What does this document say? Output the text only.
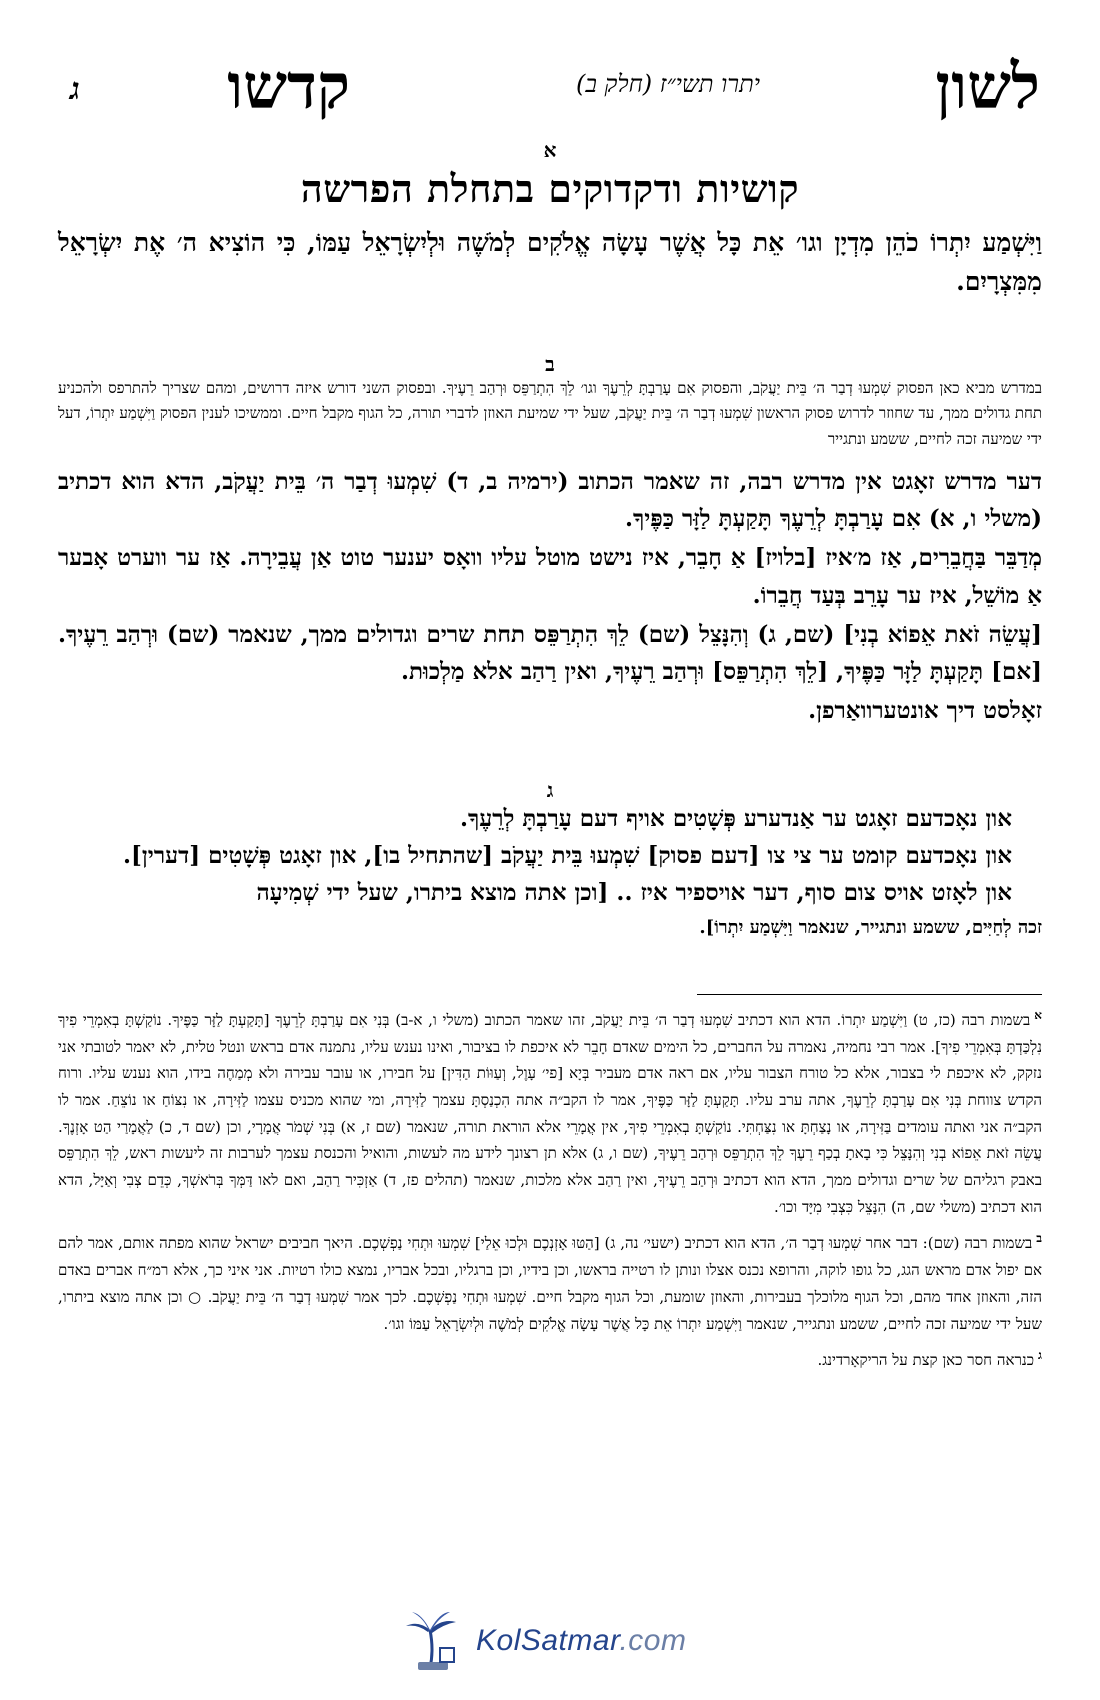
לשון
יתרו תשי״ז (חלק ב)
קדשו
ג
א
קושיות ודקדוקים בתחלת הפרשה
וַיִּשְׁמַע יִתְרוֹ כֹהֵן מִדְיָן וגו׳ אֵת כָּל אֲשֶׁר עָשָׂה אֱלֹקִים לְמֹשֶׁה וּלְיִשְׂרָאֵל עַמּוֹ, כִּי הוֹצִיא ה׳ אֶת יִשְׂרָאֵל מִמִּצְרָיִם.
ב
במדרש מביא כאן הפסוק שִׁמְעוּ דְבַר ה׳ בֵּית יַעֲקֹב, והפסוק אִם עָרַבְתָּ לְרֵעֶךָ וגו׳ לֵךְ הִתְרַפֵּס וּרְהַב רֵעֶיךָ. ובפסוק השני דורש איזה דרושים, ומהם שצריך להתרפס ולהכניע תחת גדולים ממך, עד שחוזר לדרוש פסוק הראשון שִׁמְעוּ דְבַר ה׳ בֵּית יַעֲקֹב, שעל ידי שמיעת האוזן לדברי תורה, כל הגוף מקבל חיים. וממשיכו לענין הפסוק וַיִּשְׁמַע יִתְרוֹ, דעל ידי שמיעה זכה לחיים, ששמע ונתגייר

דער מדרש זאָגט אין מדרש רבה, זה שאמר הכתוב (ירמיה ב, ד) שִׁמְעוּ דְבַר ה׳ בֵּית יַעֲקֹב, הדא הוא דכתיב (משלי ו, א) אִם עָרַבְתָּ לְרֵעֶךָ תָּקַעְתָּ לַזָּר כַּפֶּיךָ.

מְדַבֵּר בַּחֲבֵרִים, אַז מ׳איז [בלויז] אַ חָבֵר, איז נישט מוטל עליו וואָס יענער טוט אַן עֲבֵירָה. אַז ער ווערט אָבער אַ מוֹשֵׁל, איז ער עָרֵב בְּעַד חֲבֵרוֹ.

[עֲשֵׂה זֹאת אֵפוֹא בְנִי] (שם, ג) וְהִנָּצֵל (שם) לֵךְ הִתְרַפֵּס תחת שרים וגדולים ממך, שנאמר (שם) וּרְהַב רֵעֶיךָ. [אם] תָּקַעְתָּ לַזָּר כַּפֶּיךָ, [לֵךְ הִתְרַפֵּס] וּרְהַב רֵעֶיךָ, ואין רַהַב אלא מַלְכוּת.

זאָלסט דיך אונטערוואַרפן.

ג

און נאָכדעם זאָגט ער אַנדערע פְּשָׁטִים אויף דעם עָרַבְתָּ לְרֵעֶךָ.

און נאָכדעם קומט ער צי צו [דעם פסוק] שִׁמְעוּ בֵּית יַעֲקֹב [שהתחיל בו], און זאָגט פְּשָׁטִים [דערין].

און לאָזט אויס צום סוף, דער אויספיר איז .. [וכן אתה מוצא ביתרו, שעל ידי שְׁמִיעָה

זכה לְחַיִּים, ששמע ונתגייר, שנאמר וַיִּשְׁמַע יִתְרוֹ].
$^א$בשמות רבה (כז, ט) וַיִּשְׁמַע יִתְרוֹ. הדא הוא דכתיב שִׁמְעוּ דְבַר ה׳ בֵּית יַעֲקֹב, זהו שאמר הכתוב (משלי ו, א-ב) בְּנִי אִם עָרַבְתָּ לְרֵעֶךָ [תָּקַעְתָּ לַזָּר כַּפֶּיךָ. נוֹקַשְׁתָּ בְאִמְרֵי פִיךָ נִלְכַּדְתָּ בְּאִמְרֵי פִיךָ]. אמר רבי נחמיה, נאמרה על החברים, כל הימים שאדם חָבֵר לא איכפת לו בציבור, ואינו נענש עליו, נתמנה אדם בראש ונטל טלית, לא יאמר לטובתי אני נזקק, לא איכפת לי בצבור, אלא כל טורח הצבור עליו, אם ראה אדם מעביר בְּיָא [פי׳ עָוֶל, וְעַוּוֹת הַדִּין] על חבירו, או עובר עבירה ולא מְמַחֶה בידו, הוא נענש עליו. ורוח הקדש צווחת בְּנִי אִם עָרַבְתָּ לְרֵעֶךָ, אתה ערב עליו. תָּקַעְתָּ לַזָּר כַּפֶּיךָ, אמר לו הקב״ה אתה הִכְנַסְתָּ עצמך לַזִּירָה, ומי שהוא מכניס עצמו לַזִּירָה, או נִצּוֹחַ או נוֹצֵחַ. אמר לו הקב״ה אני ואתה עומדים בַּזִּירָה, או נָצַחְתָּ או נִצַּחְתִּי. נוֹקַשְׁתָּ בְאִמְרֵי פִיךָ, אין אֲמָרֵי אלא הוראת תורה, שנאמר (שם ז, א) בְּנִי שְׁמֹר אֲמָרָי, וכן (שם ד, כ) לַאֲמָרַי הַט אָזְנֶךָ. עֲשֵׂה זֹאת אֵפוֹא בְנִי וְהִנָּצֵל כִּי בָאתָ בְכַף רֵעֶךָ לֵךְ הִתְרַפֵּס וּרְהַב רֵעֶיךָ, (שם ו, ג) אלא תן רצונך לידע מה לעשות, והואיל והכנסת עצמך לערבות זה ליעשות ראש, לֵךְ הִתְרַפֵּס באבק רגליהם של שרים וגדולים ממך, הדא הוא דכתיב וּרְהַב רֵעֶיךָ, ואין רַהַב אלא מלכות, שנאמר (תהלים פז, ד) אַזְכִּיר רַהַב, ואם לאו דַּמְּךָ בְּרֹאשְׁךָ, כְּדֵם צְבִי וְאַיָּל, הדא הוא דכתיב (משלי שם, ה) הִנָּצֵל כִּצְבִי מִיָּד וכו׳.
$^ב$בשמות רבה (שם): דבר אחר שִׁמְעוּ דְבַר ה׳, הדא הוא דכתיב (ישעי׳ נה, ג) [הַטּוּ אָזְנְכֶם וּלְכוּ אֵלַי] שִׁמְעוּ וּתְחִי נַפְשְׁכֶם. היאך חביבים ישראל שהוא מפתה אותם, אמר להם אם יפול אדם מראש הגג, כל גופו לוקה, והרופא נכנס אצלו ונותן לו רטייה בראשו, וכן בידיו, וכן ברגליו, ובכל אבריו, נמצא כולו רטיות. אני איני כך, אלא רמ״ח אברים באדם הזה, והאוזן אחד מהם, וכל הגוף מלוכלך בעבירות, והאוזן שומעת, וכל הגוף מקבל חיים. שִׁמְעוּ וּתְחִי נַפְשְׁכֶם. לכך אמר שִׁמְעוּ דְבַר ה׳ בֵּית יַעֲקֹב. ○ וכן אתה מוצא ביתרו, שעל ידי שמיעה זכה לחיים, ששמע ונתגייר, שנאמר וַיִּשְׁמַע יִתְרוֹ אֵת כָּל אֲשֶׁר עָשָׂה אֱלֹקִים לְמֹשֶׁה וּלְיִשְׂרָאֵל עַמּוֹ וגו׳.
$^ג$כנראה חסר כאן קצת על הריקאָרדינג.
KolSatmar.com
